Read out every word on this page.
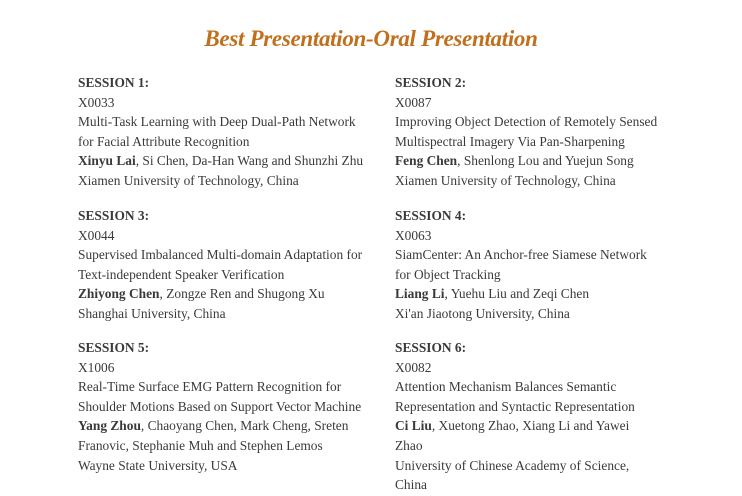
Best Presentation-Oral Presentation
SESSION 1:
X0033
Multi-Task Learning with Deep Dual-Path Network
for Facial Attribute Recognition
Xinyu Lai, Si Chen, Da-Han Wang and Shunzhi Zhu
Xiamen University of Technology, China
SESSION 2:
X0087
Improving Object Detection of Remotely Sensed
Multispectral Imagery Via Pan-Sharpening
Feng Chen, Shenlong Lou and Yuejun Song
Xiamen University of Technology, China
SESSION 3:
X0044
Supervised Imbalanced Multi-domain Adaptation for
Text-independent Speaker Verification
Zhiyong Chen, Zongze Ren and Shugong Xu
Shanghai University, China
SESSION 4:
X0063
SiamCenter: An Anchor-free Siamese Network
for Object Tracking
Liang Li, Yuehu Liu and Zeqi Chen
Xi'an Jiaotong University, China
SESSION 5:
X1006
Real-Time Surface EMG Pattern Recognition for
Shoulder Motions Based on Support Vector Machine
Yang Zhou, Chaoyang Chen, Mark Cheng, Sreten
Franovic, Stephanie Muh and Stephen Lemos
Wayne State University, USA
SESSION 6:
X0082
Attention Mechanism Balances Semantic
Representation and Syntactic Representation
Ci Liu, Xuetong Zhao, Xiang Li and Yawei
Zhao
University of Chinese Academy of Science,
China
